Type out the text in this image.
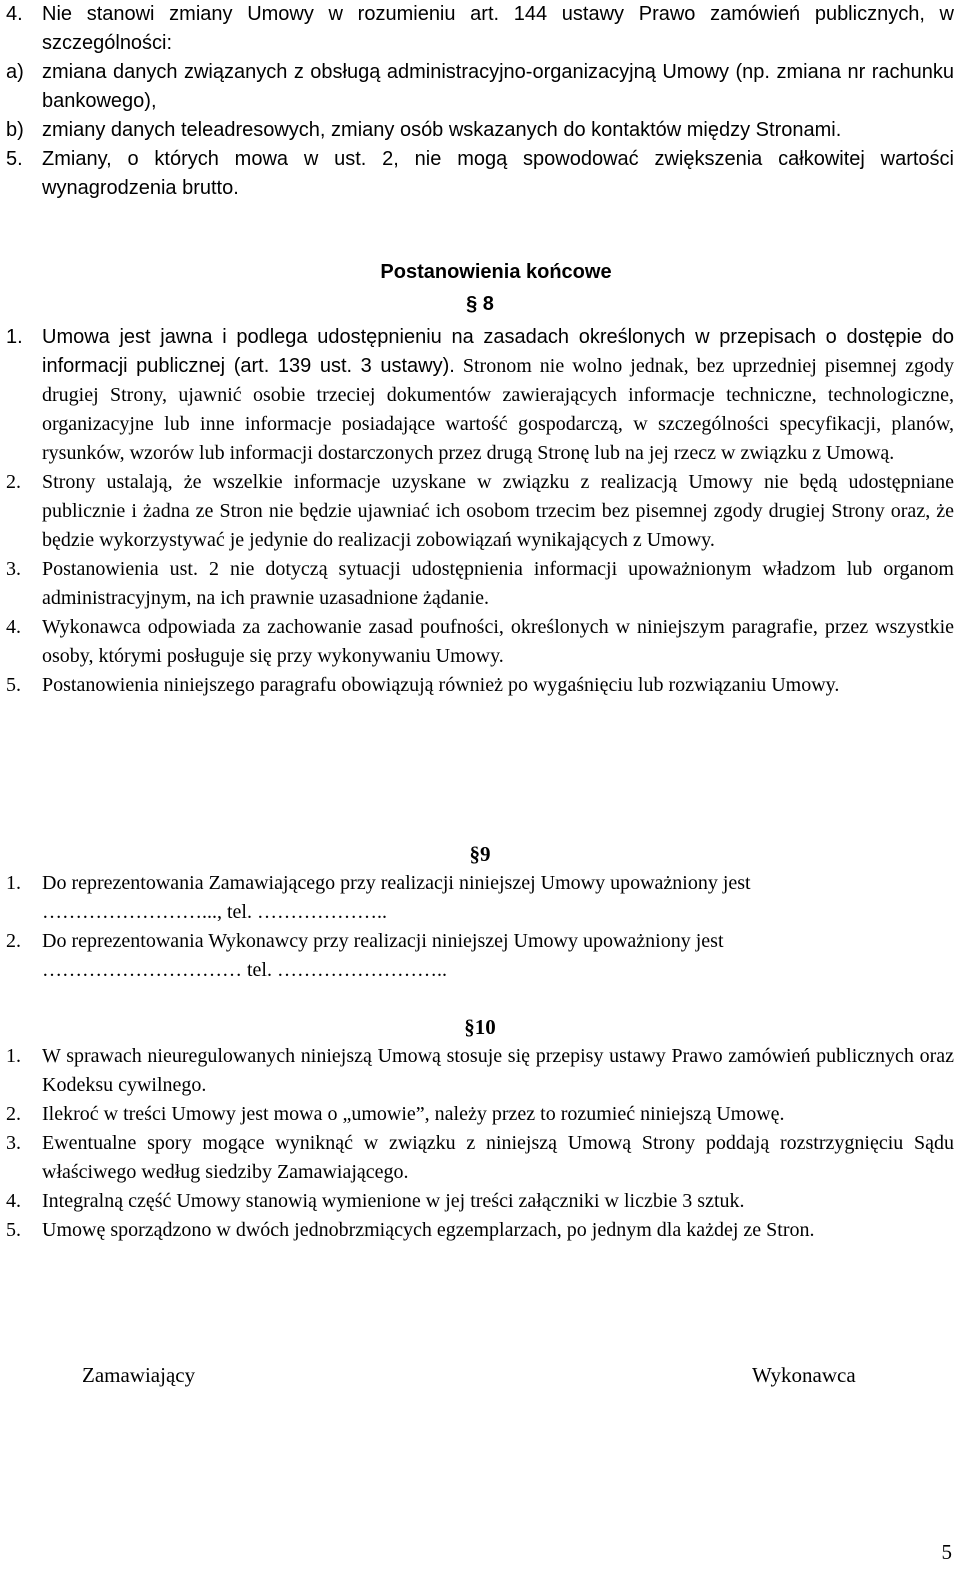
4. Nie stanowi zmiany Umowy w rozumieniu art. 144 ustawy Prawo zamówień publicznych, w szczególności:

a) zmiana danych związanych z obsługą administracyjno-organizacyjną Umowy (np. zmiana nr rachunku bankowego),

b) zmiany danych teleadresowych, zmiany osób wskazanych do kontaktów między Stronami.

5. Zmiany, o których mowa w ust. 2, nie mogą spowodować zwiększenia całkowitej wartości wynagrodzenia brutto.

Postanowienia końcowe
§ 8
1. Umowa jest jawna i podlega udostępnieniu na zasadach określonych w przepisach o dostępie do informacji publicznej (art. 139 ust. 3 ustawy). Stronom nie wolno jednak, bez uprzedniej pisemnej zgody drugiej Strony, ujawnić osobie trzeciej dokumentów zawierających informacje techniczne, technologiczne, organizacyjne lub inne informacje posiadające wartość gospodarczą, w szczególności specyfikacji, planów, rysunków, wzorów lub informacji dostarczonych przez drugą Stronę lub na jej rzecz w związku z Umową.

2.	Strony ustalają, że wszelkie informacje uzyskane w związku z realizacją Umowy nie będą udostępniane publicznie i żadna ze Stron nie będzie ujawniać ich osobom trzecim bez pisemnej zgody drugiej Strony oraz, że będzie wykorzystywać je jedynie do realizacji zobowiązań wynikających z Umowy.

3.	Postanowienia ust. 2 nie dotyczą sytuacji udostępnienia informacji upoważnionym władzom lub organom administracyjnym, na ich prawnie uzasadnione żądanie.

4.	Wykonawca odpowiada za zachowanie zasad poufności, określonych w niniejszym paragrafie, przez wszystkie osoby, którymi posługuje się przy wykonywaniu Umowy.

5.	Postanowienia niniejszego paragrafu obowiązują również po wygaśnięciu lub rozwiązaniu Umowy.

§9
1.	Do reprezentowania Zamawiającego przy realizacji niniejszej Umowy upoważniony jest

……………………..., tel. ………………..
2.	Do reprezentowania Wykonawcy przy realizacji niniejszej Umowy upoważniony jest

………………………… tel. ……………………..
§10
1.	W sprawach nieuregulowanych niniejszą Umową stosuje się przepisy ustawy Prawo zamówień publicznych oraz Kodeksu cywilnego.

2.	Ilekroć w treści Umowy jest mowa o „umowie”, należy przez to rozumieć niniejszą Umowę.

3.	Ewentualne spory mogące wyniknąć w związku z niniejszą Umową Strony poddają rozstrzygnięciu Sądu właściwego według siedziby Zamawiającego.

4.	Integralną część Umowy stanowią wymienione w jej treści załączniki w liczbie 3 sztuk.

5.	Umowę sporządzono w dwóch jednobrzmiących egzemplarzach, po jednym dla każdej ze Stron.

Zamawiający	Wykonawca
5
